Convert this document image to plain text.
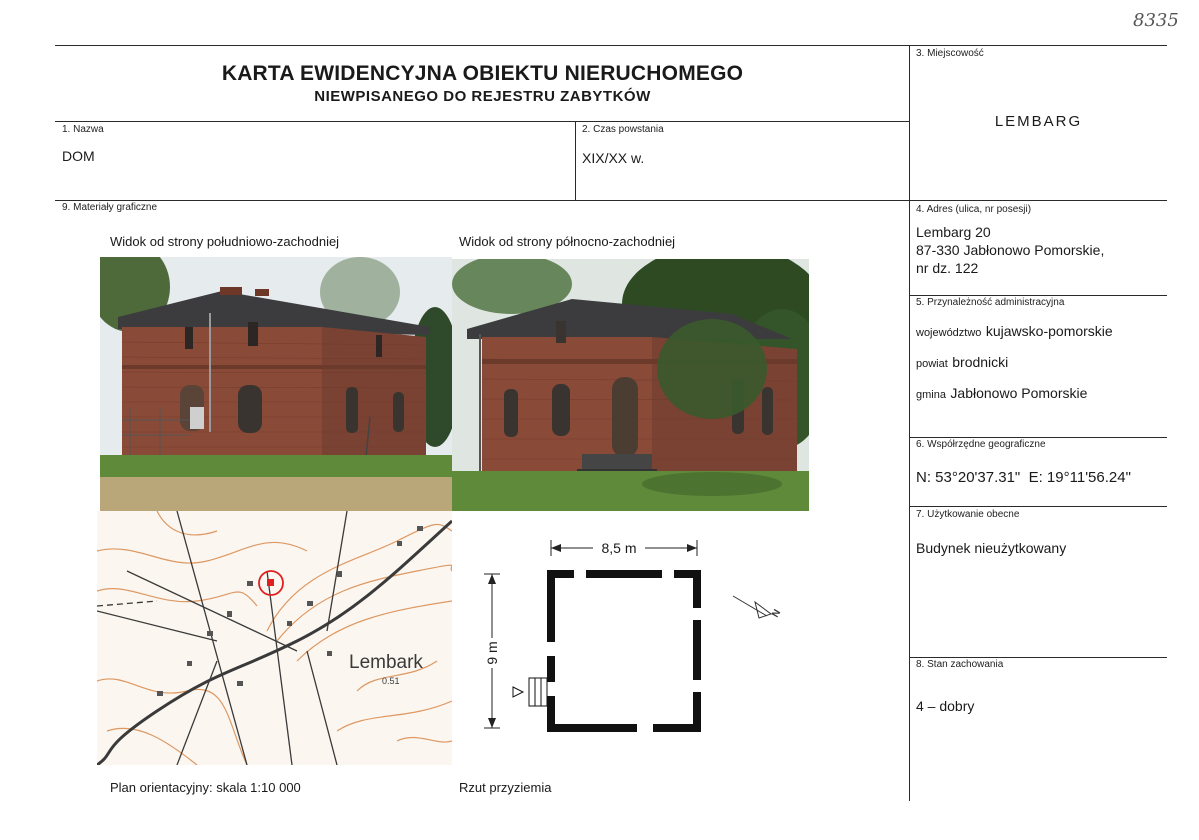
8335
KARTA EWIDENCYJNA OBIEKTU NIERUCHOMEGO
NIEWPISANEGO DO REJESTRU ZABYTKÓW
1. Nazwa
DOM
2. Czas powstania
XIX/XX w.
3. Miejscowość
LEMBARG
4. Adres (ulica, nr posesji)
Lembarg 20
87-330 Jabłonowo Pomorskie,
nr dz. 122
5. Przynależność administracyjna
województwo kujawsko-pomorskie
powiat brodnicki
gmina Jabłonowo Pomorskie
6. Współrzędne geograficzne
N: 53°20'37.31"  E: 19°11'56.24"
7. Użytkowanie obecne
Budynek nieużytkowany
8. Stan zachowania
4 – dobry
9. Materiały graficzne
Widok od strony południowo-zachodniej	Widok od strony północno-zachodniej
Plan orientacyjny: skala 1:10 000	Rzut przyziemia
Lembark
0.51
8,5 m
9 m
N
